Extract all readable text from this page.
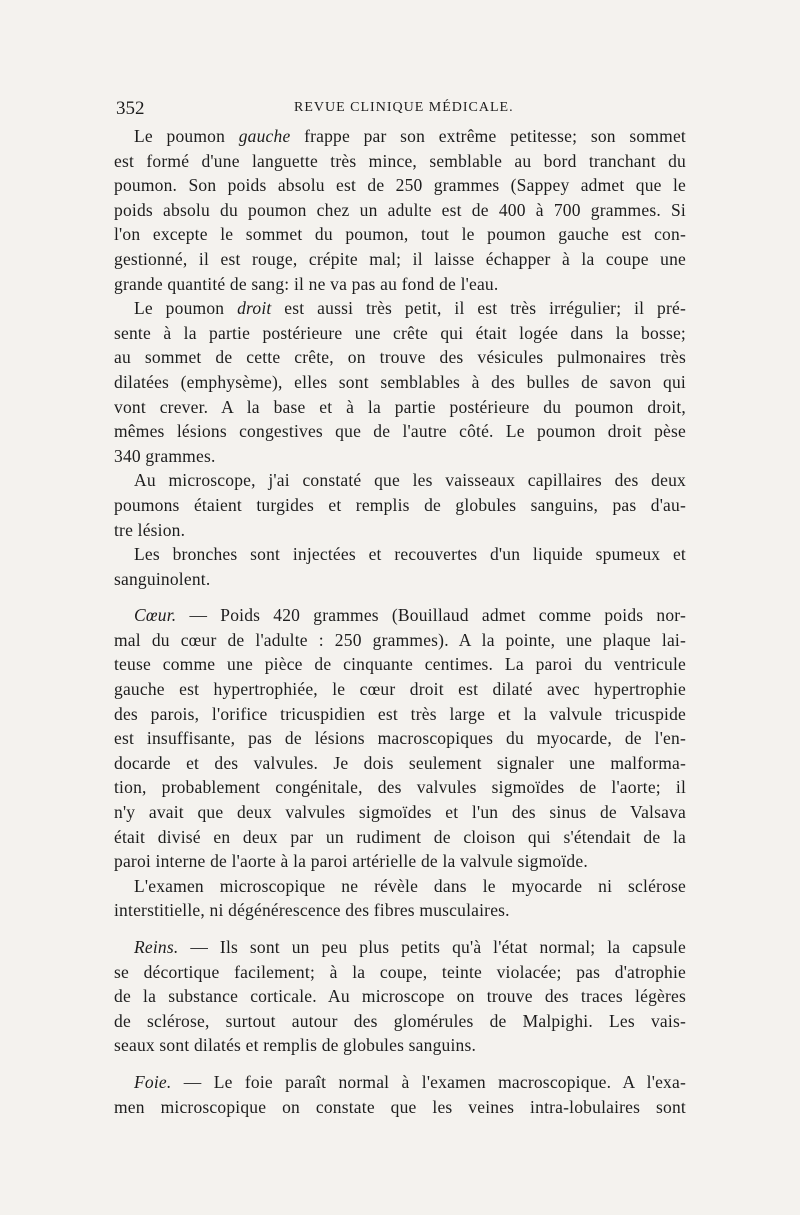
352	REVUE CLINIQUE MÉDICALE.
Le poumon gauche frappe par son extrême petitesse; son sommet
est formé d'une languette très mince, semblable au bord tranchant du
poumon. Son poids absolu est de 250 grammes (Sappey admet que le
poids absolu du poumon chez un adulte est de 400 à 700 grammes. Si
l'on excepte le sommet du poumon, tout le poumon gauche est con-
gestionné, il est rouge, crépite mal; il laisse échapper à la coupe une
grande quantité de sang: il ne va pas au fond de l'eau.
Le poumon droit est aussi très petit, il est très irrégulier; il pré-
sente à la partie postérieure une crête qui était logée dans la bosse;
au sommet de cette crête, on trouve des vésicules pulmonaires très
dilatées (emphysème), elles sont semblables à des bulles de savon qui
vont crever. A la base et à la partie postérieure du poumon droit,
mêmes lésions congestives que de l'autre côté. Le poumon droit pèse
340 grammes.
Au microscope, j'ai constaté que les vaisseaux capillaires des deux
poumons étaient turgides et remplis de globules sanguins, pas d'au-
tre lésion.
Les bronches sont injectées et recouvertes d'un liquide spumeux et
sanguinolent.
Cœur. — Poids 420 grammes (Bouillaud admet comme poids nor-
mal du cœur de l'adulte : 250 grammes). A la pointe, une plaque lai-
teuse comme une pièce de cinquante centimes. La paroi du ventricule
gauche est hypertrophiée, le cœur droit est dilaté avec hypertrophie
des parois, l'orifice tricuspidien est très large et la valvule tricuspide
est insuffisante, pas de lésions macroscopiques du myocarde, de l'en-
docarde et des valvules. Je dois seulement signaler une malforma-
tion, probablement congénitale, des valvules sigmoïdes de l'aorte; il
n'y avait que deux valvules sigmoïdes et l'un des sinus de Valsava
était divisé en deux par un rudiment de cloison qui s'étendait de la
paroi interne de l'aorte à la paroi artérielle de la valvule sigmoïde.
L'examen microscopique ne révèle dans le myocarde ni sclérose
interstitielle, ni dégénérescence des fibres musculaires.
Reins. — Ils sont un peu plus petits qu'à l'état normal; la capsule
se décortique facilement; à la coupe, teinte violacée; pas d'atrophie
de la substance corticale. Au microscope on trouve des traces légères
de sclérose, surtout autour des glomérules de Malpighi. Les vais-
seaux sont dilatés et remplis de globules sanguins.
Foie. — Le foie paraît normal à l'examen macroscopique. A l'exa-
men microscopique on constate que les veines intra-lobulaires sont
